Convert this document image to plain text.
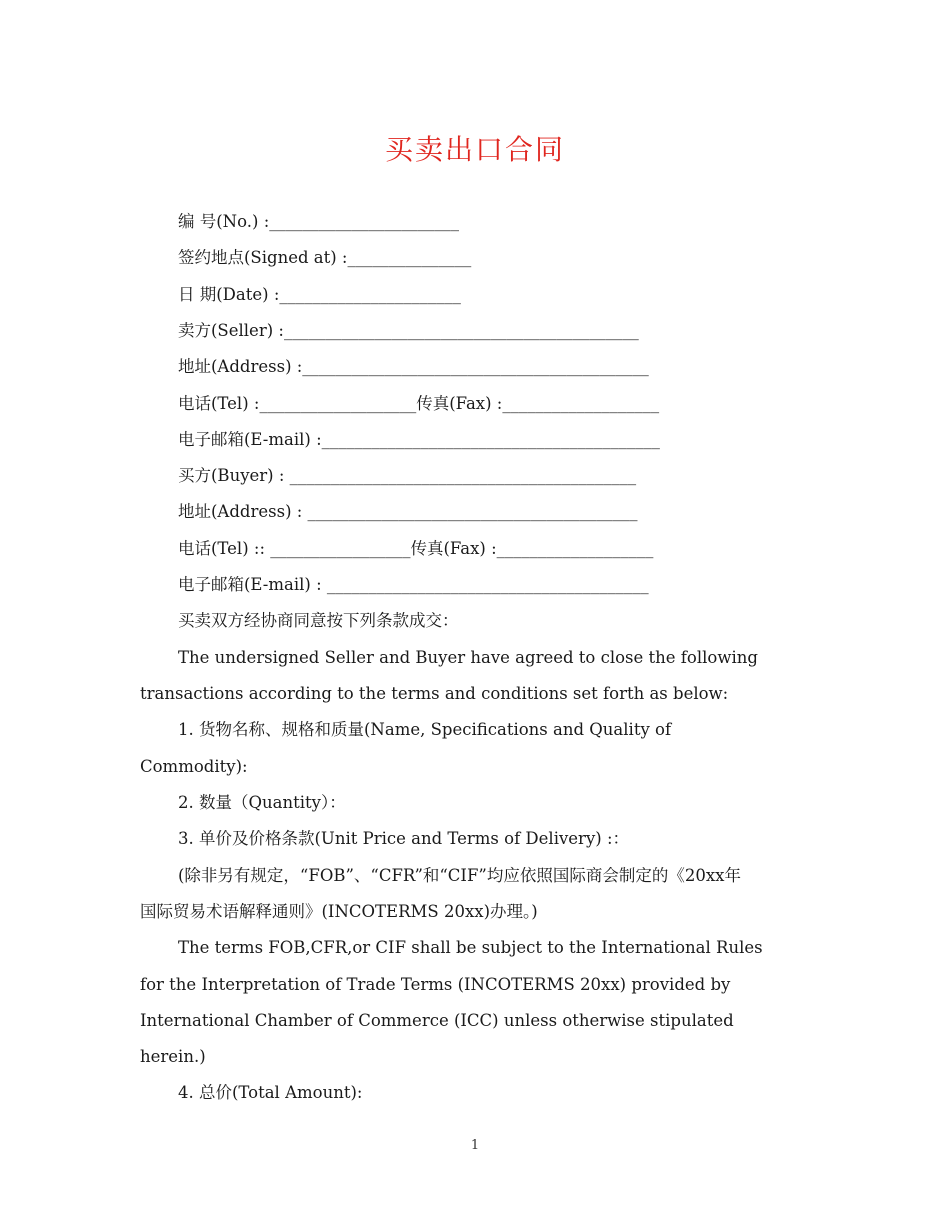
买卖出口合同
编 号(No.) :_______________________
签约地点(Signed at) :_______________
日 期(Date) :______________________
卖方(Seller) :___________________________________________
地址(Address) :__________________________________________
电话(Tel) :___________________传真(Fax) :___________________
电子邮箱(E-mail) :_________________________________________
买方(Buyer) : __________________________________________
地址(Address) : ________________________________________
电话(Tel) :: _________________传真(Fax) :___________________
电子邮箱(E-mail) : _______________________________________
买卖双方经协商同意按下列条款成交：
The undersigned Seller and Buyer have agreed to close the following
transactions according to the terms and conditions set forth as below:
1. 货物名称、规格和质量(Name, Specifications and Quality of
Commodity):
2. 数量（Quantity）：
3. 单价及价格条款(Unit Price and Terms of Delivery) :：
(除非另有规定，“FOB”、“CFR”和“CIF”均应依照国际商会制定的《20xx年
国际贸易术语解释通则》(INCOTERMS 20xx)办理。)
The terms FOB,CFR,or CIF shall be subject to the International Rules
for the Interpretation of Trade Terms (INCOTERMS 20xx) provided by
International Chamber of Commerce (ICC) unless otherwise stipulated
herein.)
4. 总价(Total Amount):
1
